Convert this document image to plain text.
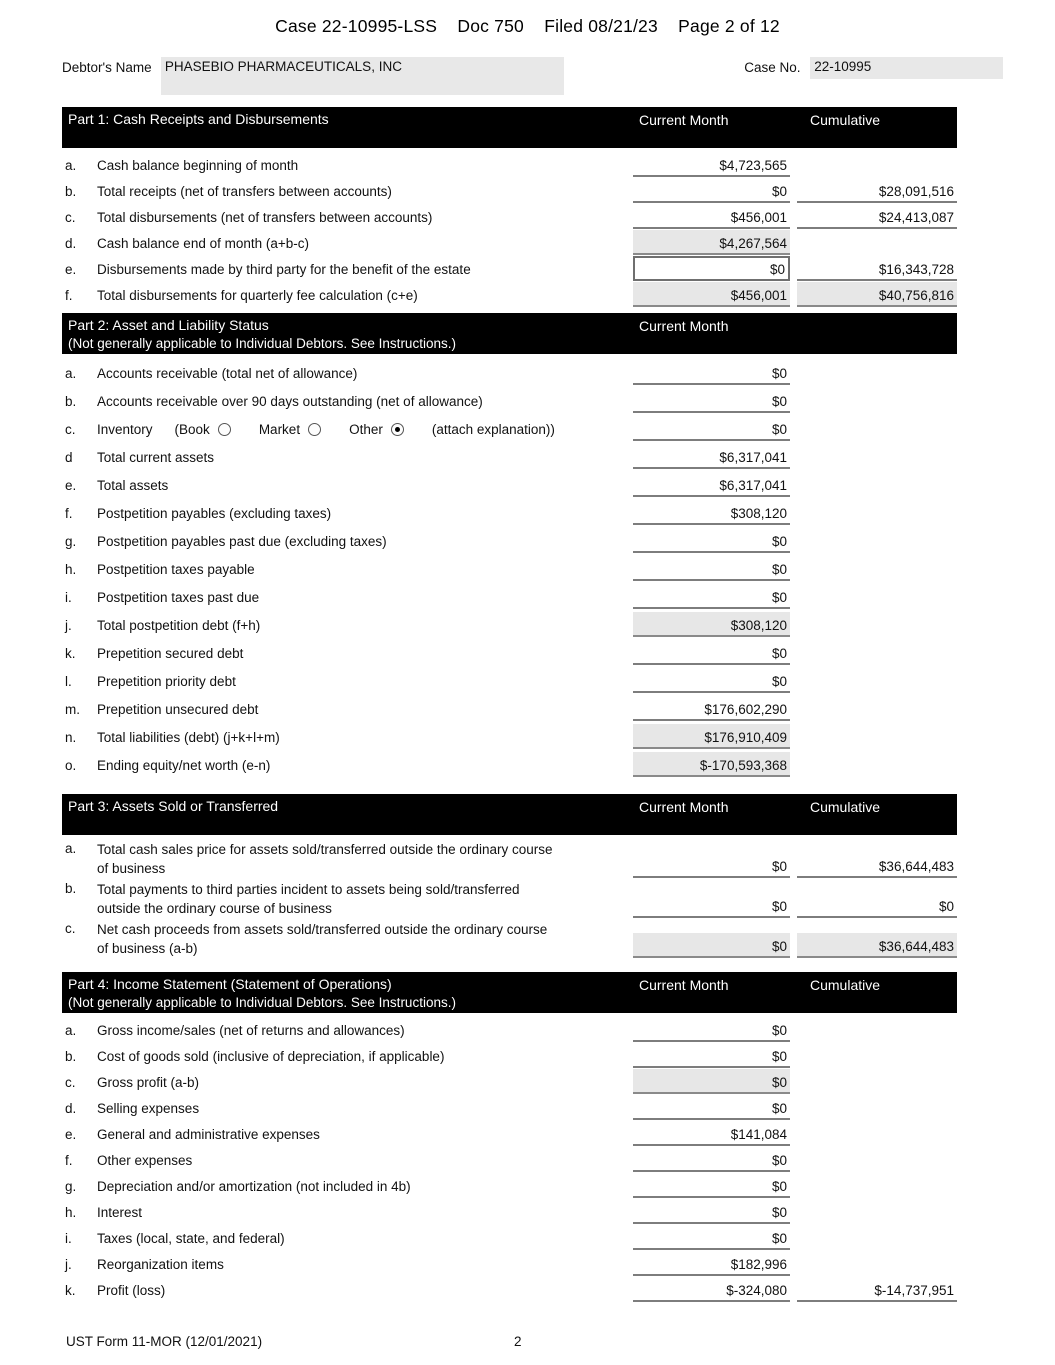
Case 22-10995-LSS    Doc 750    Filed 08/21/23    Page 2 of 12
Debtor's Name PHASEBIO PHARMACEUTICALS, INC	Case No.	22-10995
Part 1: Cash Receipts and Disbursements	Current Month	Cumulative
a.	Cash balance beginning of month	$4,723,565
b.	Total receipts (net of transfers between accounts)	$0	$28,091,516
c.	Total disbursements (net of transfers between accounts)	$456,001	$24,413,087
d.	Cash balance end of month (a+b-c)	$4,267,564
e.	Disbursements made by third party for the benefit of the estate	$0	$16,343,728
f.	Total disbursements for quarterly fee calculation (c+e)	$456,001	$40,756,816
Part 2: Asset and Liability Status
(Not generally applicable to Individual Debtors. See Instructions.)
Current Month
a.	Accounts receivable (total net of allowance)	$0
b.	Accounts receivable over 90 days outstanding (net of allowance)	$0
c.	Inventory (Book	Market	Other	(attach explanation))	$0
d	Total current assets	$6,317,041
e.	Total assets	$6,317,041
f.	Postpetition payables (excluding taxes)	$308,120
g.	Postpetition payables past due (excluding taxes)	$0
h.	Postpetition taxes payable	$0
i.	Postpetition taxes past due	$0
j.	Total postpetition debt (f+h)	$308,120
k.	Prepetition secured debt	$0
l.	Prepetition priority debt	$0
m.	Prepetition unsecured debt	$176,602,290
n.	Total liabilities (debt) (j+k+l+m)	$176,910,409
o.	Ending equity/net worth (e-n)	$-170,593,368
Part 3: Assets Sold or Transferred	Current Month	Cumulative
a.	Total cash sales price for assets sold/transferred outside the ordinary course of business	$0	$36,644,483
b.	Total payments to third parties incident to assets being sold/transferred outside the ordinary course of business	$0	$0
c.	Net cash proceeds from assets sold/transferred outside the ordinary course of business (a-b)	$0	$36,644,483
Part 4: Income Statement (Statement of Operations)
(Not generally applicable to Individual Debtors. See Instructions.)
Current Month	Cumulative
a.	Gross income/sales (net of returns and allowances)	$0
b.	Cost of goods sold (inclusive of depreciation, if applicable)	$0
c.	Gross profit (a-b)	$0
d.	Selling expenses	$0
e.	General and administrative expenses	$141,084
f.	Other expenses	$0
g.	Depreciation and/or amortization (not included in 4b)	$0
h.	Interest	$0
i.	Taxes (local, state, and federal)	$0
j.	Reorganization items	$182,996
k.	Profit (loss)	$-324,080	$-14,737,951
UST Form 11-MOR (12/01/2021)	2
